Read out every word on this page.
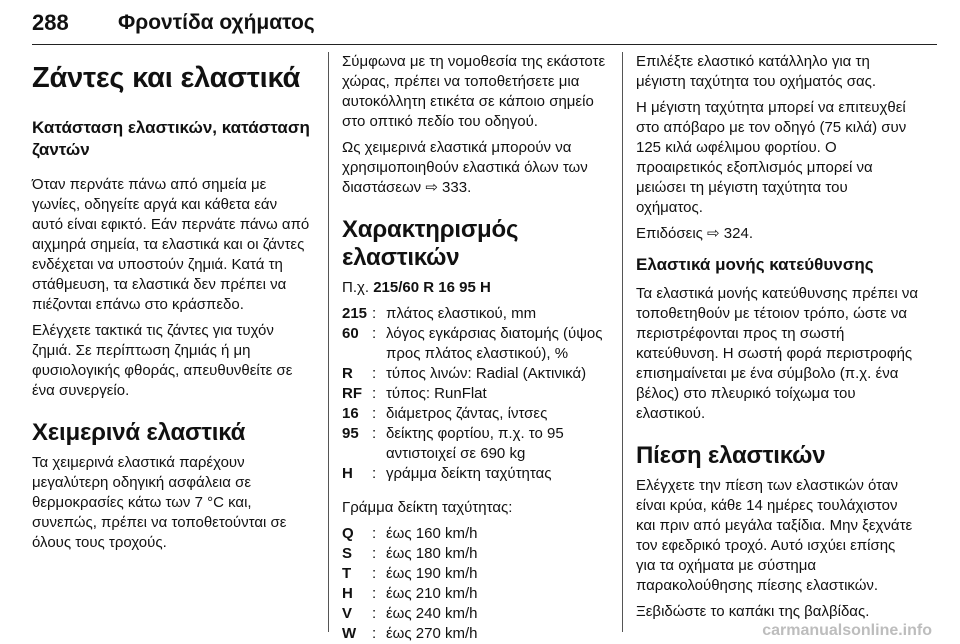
288 Φροντίδα οχήματος
Ζάντες και ελαστικά
Κατάσταση ελαστικών, κατάσταση ζαντών

Όταν περνάτε πάνω από σημεία με γωνίες, οδηγείτε αργά και κάθετα εάν αυτό είναι εφικτό. Εάν περνάτε πάνω από αιχμηρά σημεία, τα ελαστικά και οι ζάντες ενδέχεται να υποστούν ζημιά. Κατά τη στάθμευση, τα ελαστικά δεν πρέπει να πιέζονται επάνω στο κράσπεδο.

Ελέγχετε τακτικά τις ζάντες για τυχόν ζημιά. Σε περίπτωση ζημιάς ή μη φυσιολογικής φθοράς, απευθυνθείτε σε ένα συνεργείο.

Χειμερινά ελαστικά

Τα χειμερινά ελαστικά παρέχουν μεγαλύτερη οδηγική ασφάλεια σε θερμοκρασίες κάτω των 7 °C και, συνεπώς, πρέπει να τοποθετούνται σε όλους τους τροχούς.

Σύμφωνα με τη νομοθεσία της εκάστοτε χώρας, πρέπει να τοποθετήσετε μια αυτοκόλλητη ετικέτα σε κάποιο σημείο στο οπτικό πεδίο του οδηγού.

Ως χειμερινά ελαστικά μπορούν να χρησιμοποιηθούν ελαστικά όλων των διαστάσεων ⇨ 333.

Χαρακτηρισμός ελαστικών

Π.χ. 215/60 R 16 95 H

215 : πλάτος ελαστικού, mm
60 : λόγος εγκάρσιας διατομής (ύψος προς πλάτος ελαστικού), %
R	: τύπος λινών: Radial (Ακτινικά)
RF : τύπος: RunFlat
16 : διάμετρος ζάντας, ίντσες
95 : δείκτης φορτίου, π.χ. το 95 αντιστοιχεί σε 690 kg
H	: γράμμα δείκτη ταχύτητας

Γράμμα δείκτη ταχύτητας:

Q	: έως 160 km/h
S	: έως 180 km/h
T	: έως 190 km/h
H	: έως 210 km/h
V	: έως 240 km/h
W	: έως 270 km/h

Επιλέξτε ελαστικό κατάλληλο για τη μέγιστη ταχύτητα του οχήματός σας.

Η μέγιστη ταχύτητα μπορεί να επιτευχθεί στο απόβαρο με τον οδηγό (75 κιλά) συν 125 κιλά ωφέλιμου φορτίου. Ο προαιρετικός εξοπλισμός μπορεί να μειώσει τη μέγιστη ταχύτητα του οχήματος.

Επιδόσεις ⇨ 324.

Ελαστικά μονής κατεύθυνσης

Τα ελαστικά μονής κατεύθυνσης πρέπει να τοποθετηθούν με τέτοιον τρόπο, ώστε να περιστρέφονται προς τη σωστή κατεύθυνση. Η σωστή φορά περιστροφής επισημαίνεται με ένα σύμβολο (π.χ. ένα βέλος) στο πλευρικό τοίχωμα του ελαστικού.

Πίεση ελαστικών

Ελέγχετε την πίεση των ελαστικών όταν είναι κρύα, κάθε 14 ημέρες τουλάχιστον και πριν από μεγάλα ταξίδια. Μην ξεχνάτε τον εφεδρικό τροχό. Αυτό ισχύει επίσης για τα οχήματα με σύστημα παρακολούθησης πίεσης ελαστικών.

Ξεβιδώστε το καπάκι της βαλβίδας.

carmanualsonline.info
